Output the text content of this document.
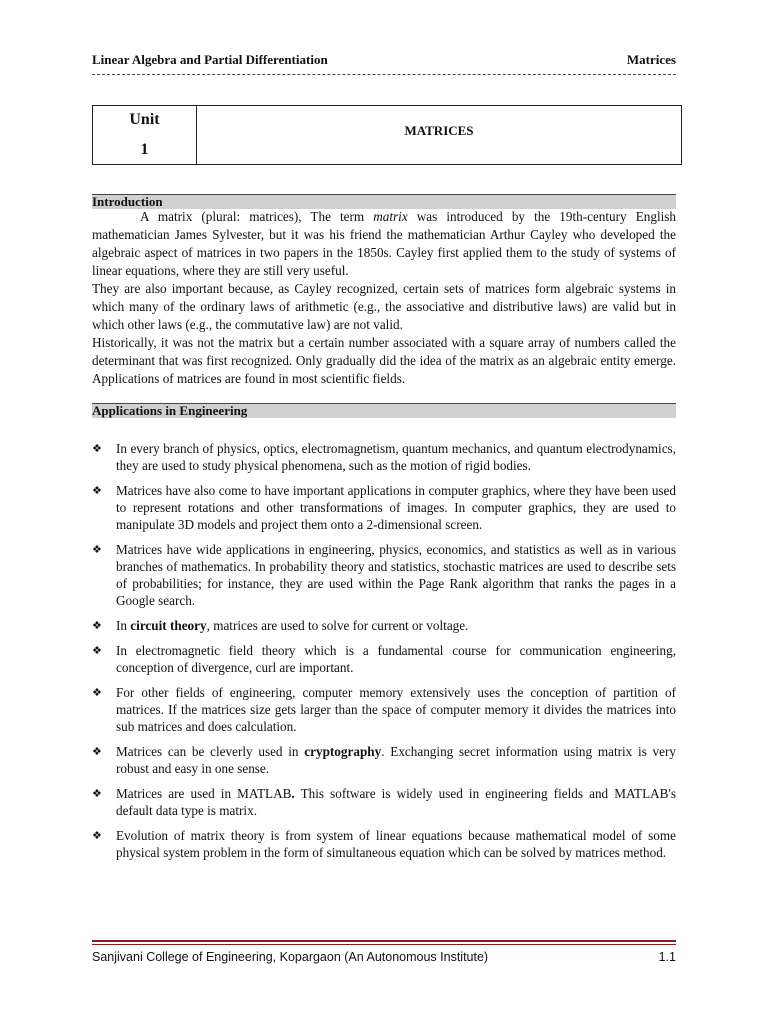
Linear Algebra and Partial Differentiation	Matrices
Unit
1
MATRICES
Introduction

A matrix (plural: matrices), The term matrix was introduced by the 19th-century English mathematician James Sylvester, but it was his friend the mathematician Arthur Cayley who developed the algebraic aspect of matrices in two papers in the 1850s. Cayley first applied them to the study of systems of linear equations, where they are still very useful.

They are also important because, as Cayley recognized, certain sets of matrices form algebraic systems in which many of the ordinary laws of arithmetic (e.g., the associative and distributive laws) are valid but in which other laws (e.g., the commutative law) are not valid.

Historically, it was not the matrix but a certain number associated with a square array of numbers called the determinant that was first recognized. Only gradually did the idea of the matrix as an algebraic entity emerge. Applications of matrices are found in most scientific fields.

Applications in Engineering
❖ In every branch of physics, optics, electromagnetism, quantum mechanics, and quantum electrodynamics, they are used to study physical phenomena, such as the motion of rigid bodies.
❖ Matrices have also come to have important applications in computer graphics, where they have been used to represent rotations and other transformations of images. In computer graphics, they are used to manipulate 3D models and project them onto a 2-dimensional screen.
❖ Matrices have wide applications in engineering, physics, economics, and statistics as well as in various branches of mathematics. In probability theory and statistics, stochastic matrices are used to describe sets of probabilities; for instance, they are used within the Page Rank algorithm that ranks the pages in a Google search.
❖ In circuit theory, matrices are used to solve for current or voltage.
❖ In electromagnetic field theory which is a fundamental course for communication engineering, conception of divergence, curl are important.
❖ For other fields of engineering, computer memory extensively uses the conception of partition of matrices. If the matrices size gets larger than the space of computer memory it divides the matrices into sub matrices and does calculation.
❖ Matrices can be cleverly used in cryptography. Exchanging secret information using matrix is very robust and easy in one sense.
❖ Matrices are used in MATLAB. This software is widely used in engineering fields and MATLAB's default data type is matrix.
❖ Evolution of matrix theory is from system of linear equations because mathematical model of some physical system problem in the form of simultaneous equation which can be solved by matrices method.
Sanjivani College of Engineering, Kopargaon (An Autonomous Institute)	1.1
